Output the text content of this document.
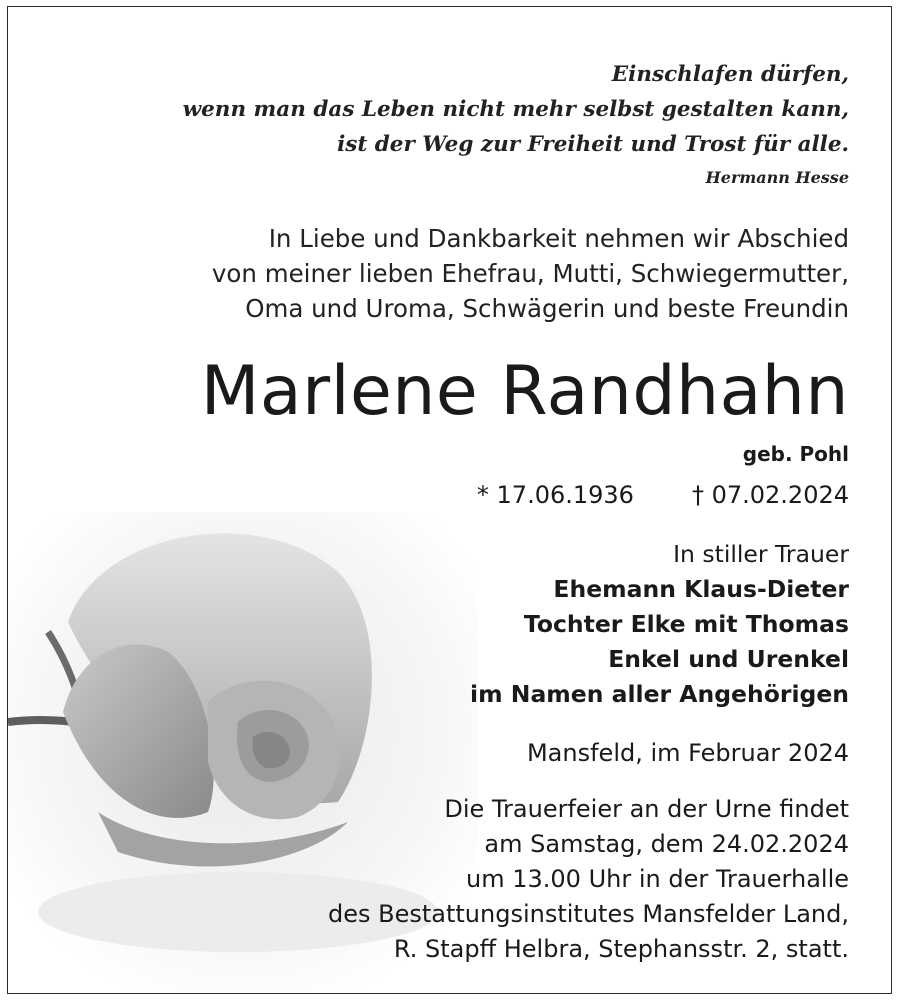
Einschlafen dürfen,
wenn man das Leben nicht mehr selbst gestalten kann,
ist der Weg zur Freiheit und Trost für alle.
Hermann Hesse
In Liebe und Dankbarkeit nehmen wir Abschied
von meiner lieben Ehefrau, Mutti, Schwiegermutter,
Oma und Uroma, Schwägerin und beste Freundin
Marlene Randhahn
geb. Pohl
* 17.06.1936 † 07.02.2024
In stiller Trauer
Ehemann Klaus-Dieter
Tochter Elke mit Thomas
Enkel und Urenkel
im Namen aller Angehörigen
Mansfeld, im Februar 2024
Die Trauerfeier an der Urne findet
am Samstag, dem 24.02.2024
um 13.00 Uhr in der Trauerhalle
des Bestattungsinstitutes Mansfelder Land,
R. Stapff Helbra, Stephansstr. 2, statt.
